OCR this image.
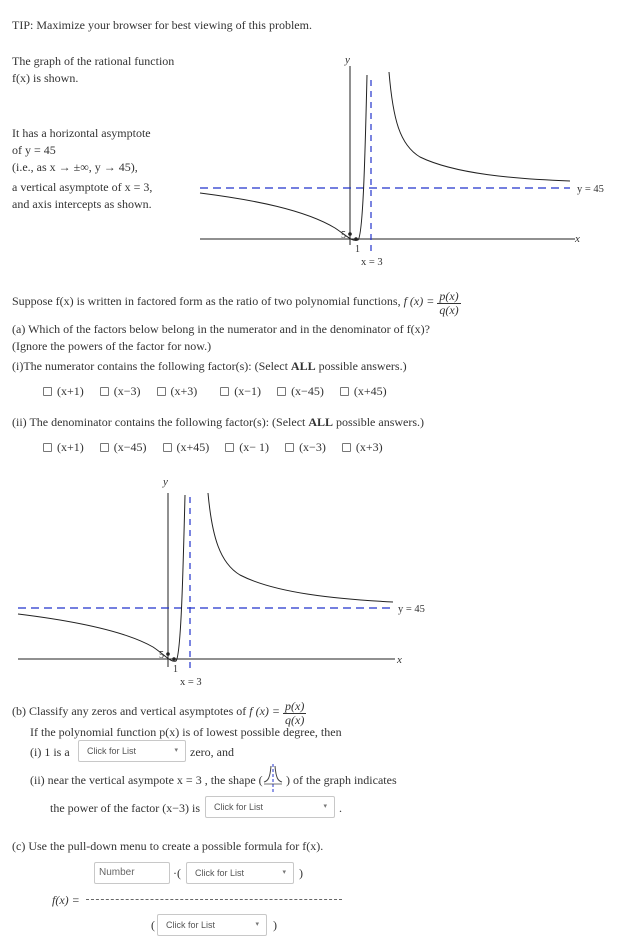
TIP: Maximize your browser for best viewing of this problem.
The graph of the rational function
f(x) is shown.
It has a horizontal asymptote
of y = 45
(i.e., as x → ±∞, y → 45),
a vertical asymptote of x = 3,
and axis intercepts as shown.
x
y
y = 45
x = 3
5
1
Suppose f(x) is written in factored form as the ratio of two polynomial functions, f $(x) = \frac{p(x)}{q(x)}$
(a) Which of the factors below belong in the numerator and in the denominator of f(x)?
(Ignore the powers of the factor for now.)
(i)The numerator contains the following factor(s): (Select ALL possible answers.)
(x+1)	(x−3)	(x+3)	(x−1)	(x−45)	(x+45)
(ii) The denominator contains the following factor(s): (Select ALL possible answers.)
(x+1)	(x−45)	(x+45)	(x− 1)	(x−3)	(x+3)
x
y
y = 45
x = 3
5
1
(b) Classify any zeros and vertical asymptotes of f $(x) = \frac{p(x)}{q(x)}$
If the polynomial function p(x) is of lowest possible degree, then
(i) 1 is a	Click for List	▾ zero, and
(ii) near the vertical asympote x = 3 , the shape ( ) of the graph indicates
the power of the factor (x−3) is	Click for List	▾ .
(c) Use the pull-down menu to create a possible formula for f(x).
Number	·(	Click for List	▾ )
f(x) =
(	Click for List	▾ )
